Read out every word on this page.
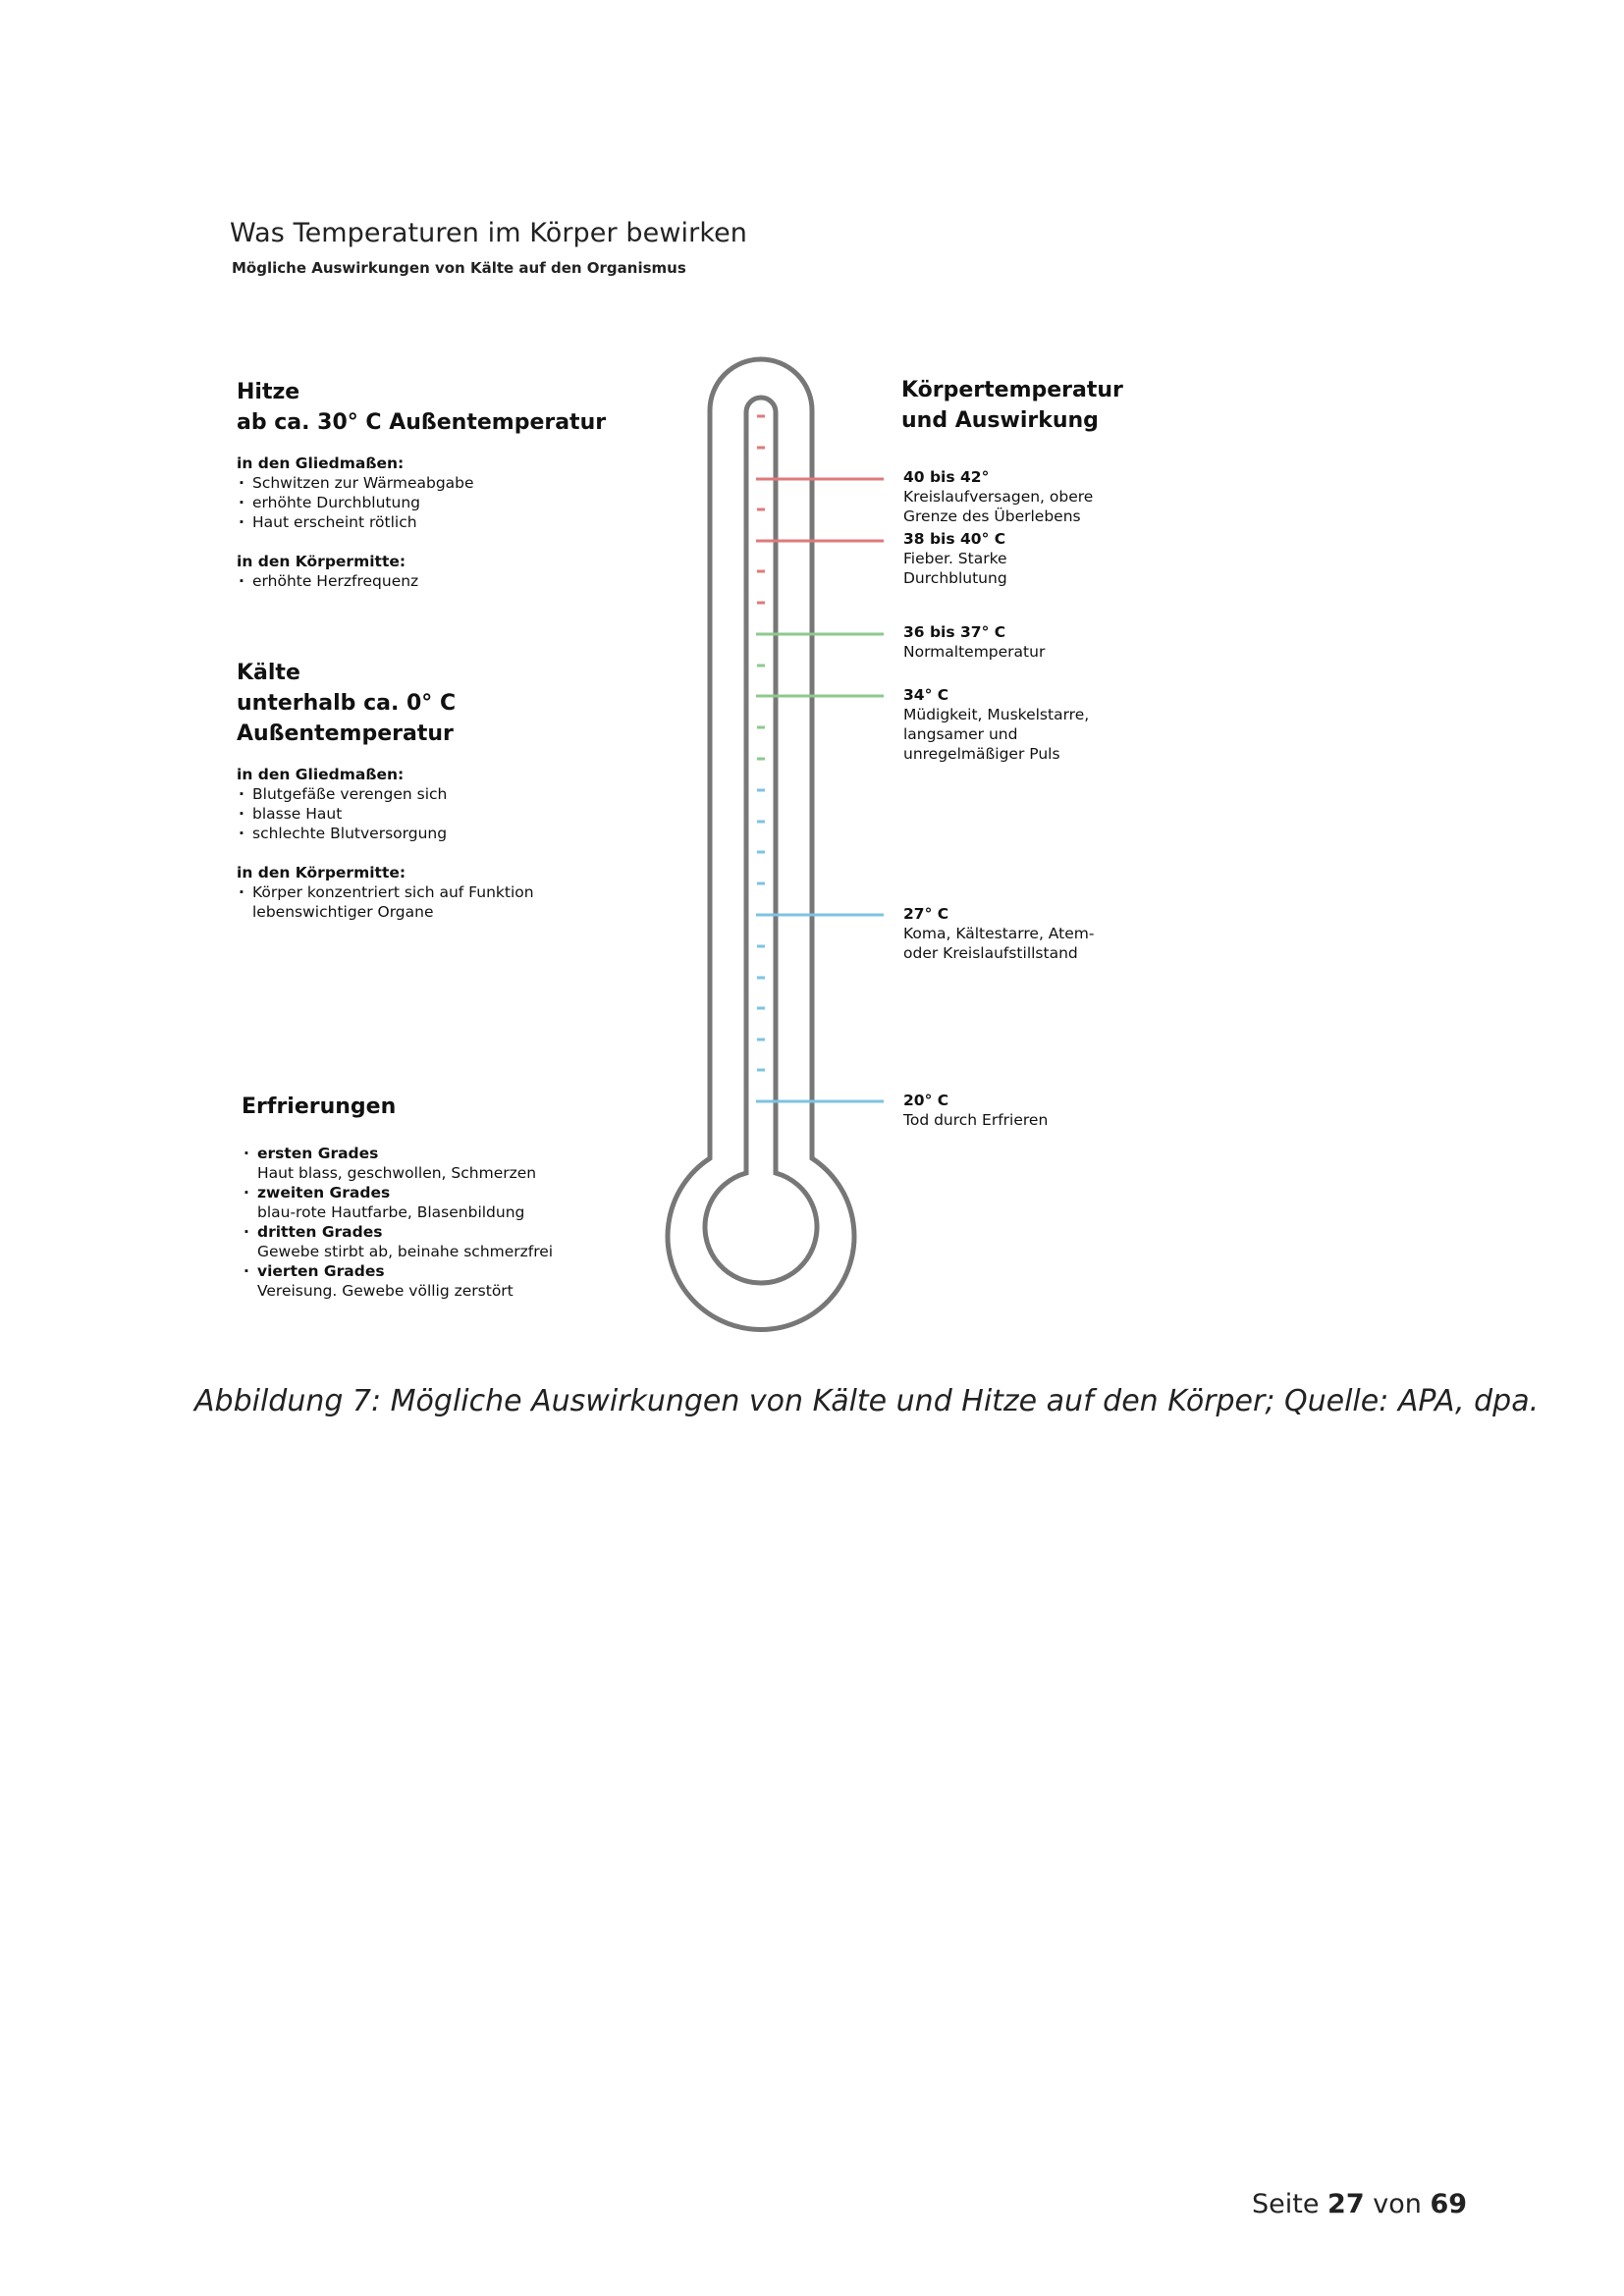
Was Temperaturen im Körper bewirken
Mögliche Auswirkungen von Kälte auf den Organismus
Hitze
ab ca. 30° C Außentemperatur

in den Gliedmaßen:

· Schwitzen zur Wärmeabgabe
· erhöhte Durchblutung
· Haut erscheint rötlich

in den Körpermitte:

· erhöhte Herzfrequenz
Kälte
unterhalb ca. 0° C Außentemperatur

in den Gliedmaßen:

· Blutgefäße verengen sich
· blasse Haut
· schlechte Blutversorgung

in den Körpermitte:

· Körper konzentriert sich auf Funktion lebenswichtiger Organe
Erfrierungen
· ersten Grades
Haut blass, geschwollen, Schmerzen
· zweiten Grades
blau-rote Hautfarbe, Blasenbildung
· dritten Grades
Gewebe stirbt ab, beinahe schmerzfrei
· vierten Grades
Vereisung. Gewebe völlig zerstört
Körpertemperatur
und Auswirkung
40 bis 42°
Kreislaufversagen, obere Grenze des Überlebens
38 bis 40° C
Fieber. Starke Durchblutung
36 bis 37° C
Normaltemperatur
34° C
Müdigkeit, Muskelstarre, langsamer und unregelmäßiger Puls
27° C
Koma, Kältestarre, Atem- oder Kreislaufstillstand
20° C
Tod durch Erfrieren
Abbildung 7: Mögliche Auswirkungen von Kälte und Hitze auf den Körper; Quelle: APA, dpa.
Seite 27 von 69
